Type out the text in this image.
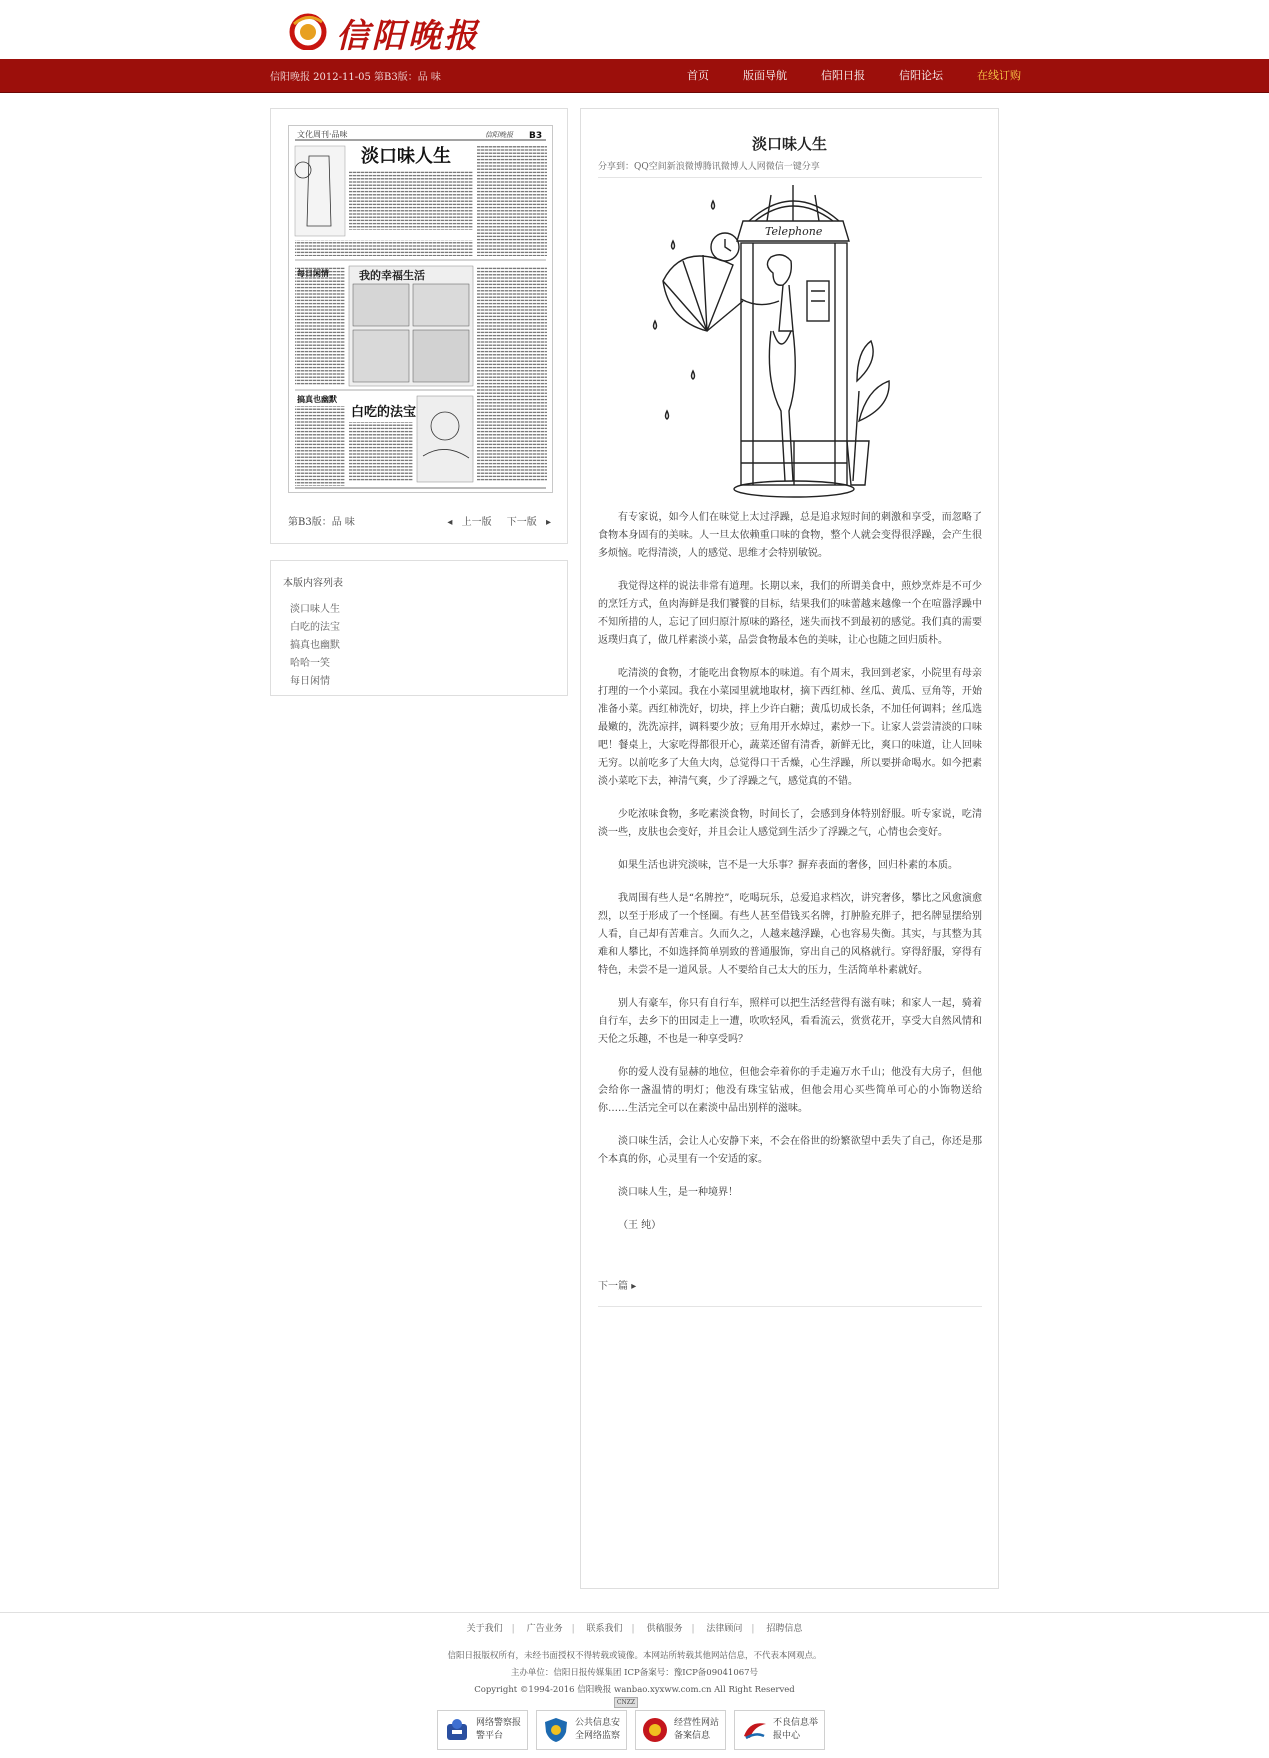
信阳晚报
信阳晚报 2012-11-05 第B3版：品 味	首页	版面导航	信阳日报	信阳论坛	在线订购
文化周刊·品味	信阳晚报 B3
淡口味人生
每日闲情	我的幸福生活
搞真也幽默
白吃的法宝
第B3版：品 味	◂ 上一版 下一版 ▸
本版内容列表
淡口味人生
白吃的法宝
搞真也幽默
哈哈一笑
每日闲情
淡口味人生
分享到：QQ空间新浪微博腾讯微博人人网微信一键分享
Telephone

有专家说，如今人们在味觉上太过浮躁，总是追求短时间的刺激和享受，而忽略了食物本身固有的美味。人一旦太依赖重口味的食物，整个人就会变得很浮躁，会产生很多烦恼。吃得清淡，人的感觉、思维才会特别敏锐。

我觉得这样的说法非常有道理。长期以来，我们的所谓美食中，煎炒烹炸是不可少的烹饪方式，鱼肉海鲜是我们饕餮的目标，结果我们的味蕾越来越像一个在喧嚣浮躁中不知所措的人，忘记了回归原汁原味的路径，迷失而找不到最初的感觉。我们真的需要返璞归真了，做几样素淡小菜，品尝食物最本色的美味，让心也随之回归质朴。

吃清淡的食物，才能吃出食物原本的味道。有个周末，我回到老家，小院里有母亲打理的一个小菜园。我在小菜园里就地取材，摘下西红柿、丝瓜、黄瓜、豆角等，开始准备小菜。西红柿洗好，切块，拌上少许白糖；黄瓜切成长条，不加任何调料；丝瓜选最嫩的，洗洗凉拌，调料要少放；豆角用开水焯过，素炒一下。让家人尝尝清淡的口味吧！餐桌上，大家吃得都很开心，蔬菜还留有清香，新鲜无比，爽口的味道，让人回味无穷。以前吃多了大鱼大肉，总觉得口干舌燥，心生浮躁，所以要拼命喝水。如今把素淡小菜吃下去，神清气爽，少了浮躁之气，感觉真的不错。

少吃浓味食物，多吃素淡食物，时间长了，会感到身体特别舒服。听专家说，吃清淡一些，皮肤也会变好，并且会让人感觉到生活少了浮躁之气，心情也会变好。

如果生活也讲究淡味，岂不是一大乐事？摒弃表面的奢侈，回归朴素的本质。

我周围有些人是“名牌控”，吃喝玩乐，总爱追求档次，讲究奢侈，攀比之风愈演愈烈，以至于形成了一个怪圈。有些人甚至借钱买名牌，打肿脸充胖子，把名牌显摆给别人看，自己却有苦难言。久而久之，人越来越浮躁，心也容易失衡。其实，与其整为其难和人攀比，不如选择简单别致的普通服饰，穿出自己的风格就行。穿得舒服，穿得有特色，未尝不是一道风景。人不要给自己太大的压力，生活简单朴素就好。

别人有豪车，你只有自行车，照样可以把生活经营得有滋有味；和家人一起，骑着自行车，去乡下的田园走上一遭，吹吹轻风，看看流云，赏赏花开，享受大自然风情和天伦之乐趣，不也是一种享受吗？

你的爱人没有显赫的地位，但他会牵着你的手走遍万水千山；他没有大房子，但他会给你一盏温情的明灯；他没有珠宝钻戒，但他会用心买些简单可心的小饰物送给你……生活完全可以在素淡中品出别样的滋味。

淡口味生活，会让人心安静下来，不会在俗世的纷繁欲望中丢失了自己，你还是那个本真的你，心灵里有一个安适的家。

淡口味人生，是一种境界！

（王 纯）

下一篇 ▸
关于我们 | 广告业务 | 联系我们 | 供稿服务 | 法律顾问 | 招聘信息
信阳日报版权所有，未经书面授权不得转载或镜像。本网站所转载其他网站信息，不代表本网观点。
主办单位：信阳日报传媒集团 ICP备案号：豫ICP备09041067号
Copyright ©1994-2016 信阳晚报 wanbao.xyxww.com.cn All Right Reserved
CNZZ
网络警察报警平台
公共信息安全网络监察
经营性网站备案信息
不良信息举报中心
